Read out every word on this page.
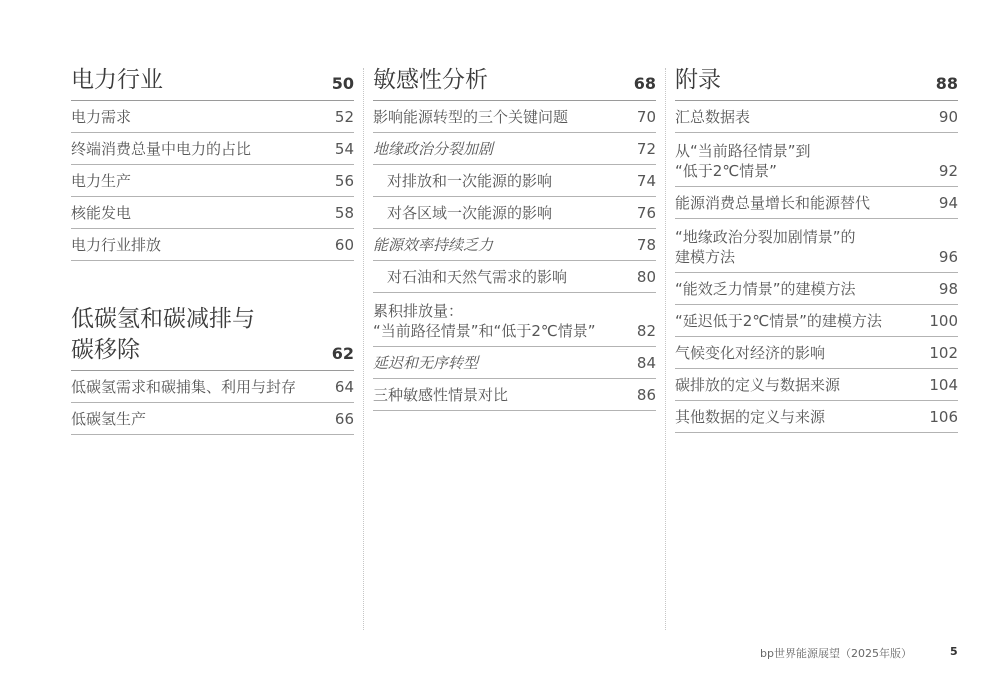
电力行业	50
电力需求	52
终端消费总量中电力的占比	54
电力生产	56
核能发电	58
电力行业排放	60
低碳氢和碳减排与
碳移除	62
低碳氢需求和碳捕集、利用与封存	64
低碳氢生产	66
敏感性分析	68
影响能源转型的三个关键问题	70
地缘政治分裂加剧	72
对排放和一次能源的影响	74
对各区域一次能源的影响	76
能源效率持续乏力	78
对石油和天然气需求的影响	80
累积排放量：
“当前路径情景”和“低于2℃情景”	82
延迟和无序转型	84
三种敏感性情景对比	86
附录	88
汇总数据表	90
从“当前路径情景”到
“低于2℃情景”	92
能源消费总量增长和能源替代	94
“地缘政治分裂加剧情景”的
建模方法	96
“能效乏力情景”的建模方法	98
“延迟低于2℃情景”的建模方法	100
气候变化对经济的影响	102
碳排放的定义与数据来源	104
其他数据的定义与来源	106
bp世界能源展望（2025年版）	5
